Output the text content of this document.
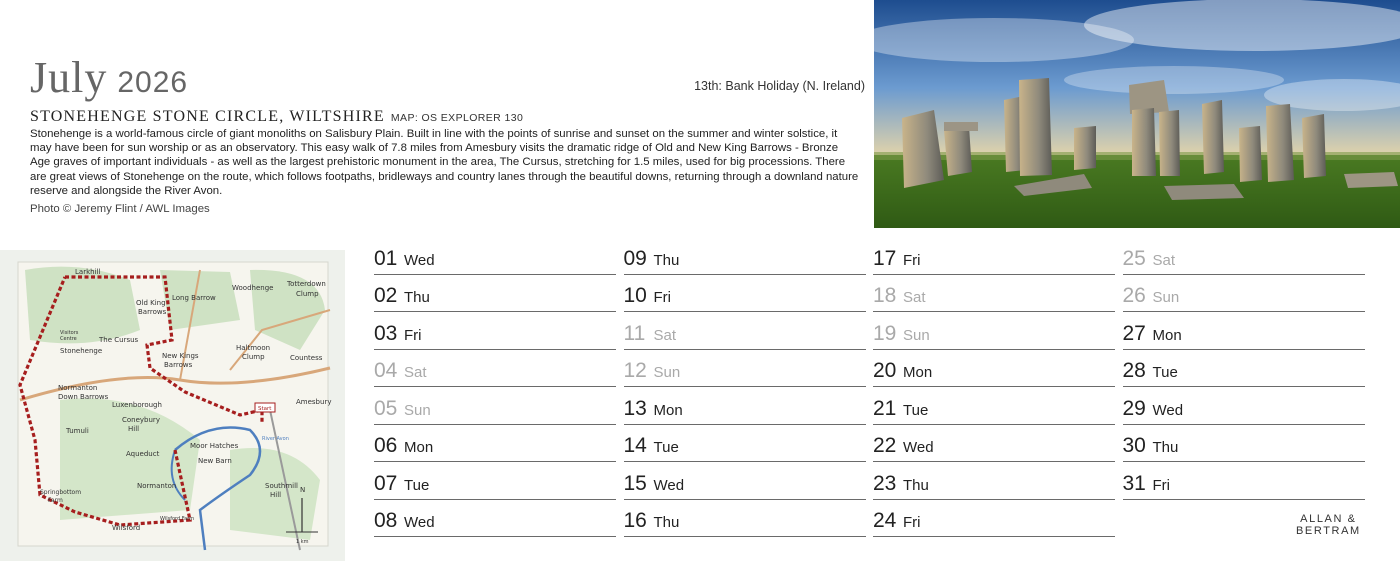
July 2026	13th: Bank Holiday (N. Ireland)
STONEHENGE STONE CIRCLE, WILTSHIRE MAP: OS EXPLORER 130
Stonehenge is a world-famous circle of giant monoliths on Salisbury Plain. Built in line with the points of sunrise and sunset on the summer and winter solstice, it may have been for sun worship or as an observatory. This easy walk of 7.8 miles from Amesbury visits the dramatic ridge of Old and New King Barrows - Bronze Age graves of important individuals - as well as the largest prehistoric monument in the area, The Cursus, stretching for 1.5 miles, used for big processions. There are great views of Stonehenge on the route, which follows footpaths, bridleways and country lanes through the beautiful downs, returning through a downland nature reserve and alongside the River Avon.
Photo © Jeremy Flint / AWL Images
Larkhill
Long Barrow
Woodhenge Totterdown
Clump
Old King
Barrows
Visitors
Centre	The Cursus
Stonehenge
New Kings
Barrows
Haltmoon
Clump	Countess
Normanton
Down Barrows
Luxenborough
Coneybury
Hill
Start
Amesbury
Tumuli
Aqueduct
Moor Hatches
New Barn
River Avon
Springbottom
Farm
Normanton	Southmill
Hill
Wilsford
Wilsford Farm
N
1 km
01 Wed
02 Thu
03 Fri
04 Sat
05 Sun
06 Mon
07 Tue
08 Wed
09 Thu
10 Fri
11 Sat
12 Sun
13 Mon
14 Tue
15 Wed
16 Thu
17 Fri
18 Sat
19 Sun
20 Mon
21 Tue
22 Wed
23 Thu
24 Fri
25 Sat
26 Sun
27 Mon
28 Tue
29 Wed
30 Thu
31 Fri
ALLAN &
BERTRAM
